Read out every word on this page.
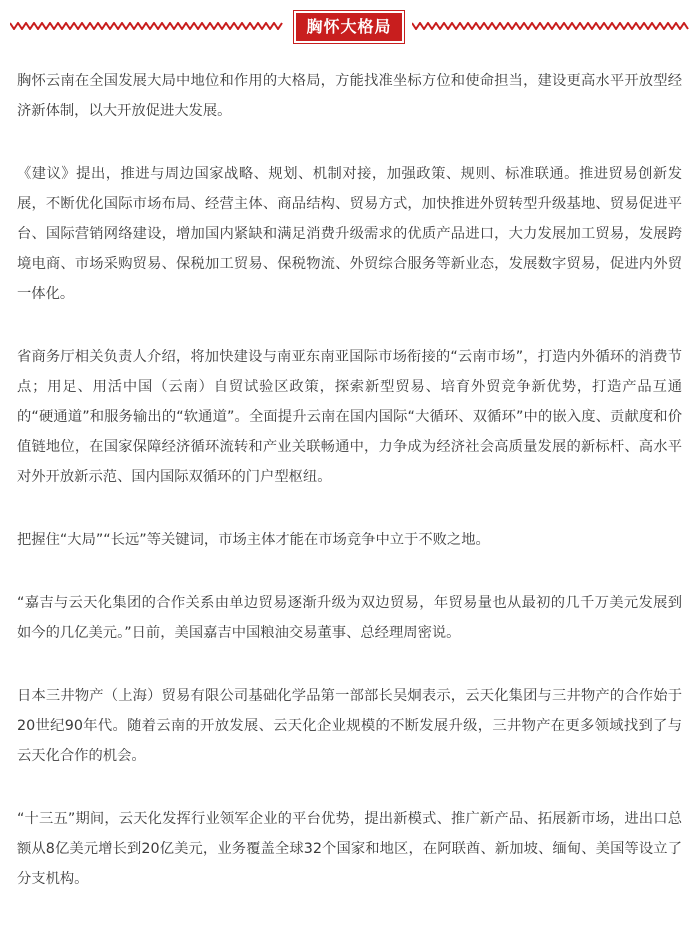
胸怀大格局

胸怀云南在全国发展大局中地位和作用的大格局，方能找准坐标方位和使命担当，建设更高水平开放型经济新体制，以大开放促进大发展。

《建议》提出，推进与周边国家战略、规划、机制对接，加强政策、规则、标准联通。推进贸易创新发展，不断优化国际市场布局、经营主体、商品结构、贸易方式，加快推进外贸转型升级基地、贸易促进平台、国际营销网络建设，增加国内紧缺和满足消费升级需求的优质产品进口，大力发展加工贸易，发展跨境电商、市场采购贸易、保税加工贸易、保税物流、外贸综合服务等新业态，发展数字贸易，促进内外贸一体化。

省商务厅相关负责人介绍，将加快建设与南亚东南亚国际市场衔接的“云南市场”，打造内外循环的消费节点；用足、用活中国（云南）自贸试验区政策，探索新型贸易、培育外贸竞争新优势，打造产品互通的“硬通道”和服务输出的“软通道”。全面提升云南在国内国际“大循环、双循环”中的嵌入度、贡献度和价值链地位，在国家保障经济循环流转和产业关联畅通中，力争成为经济社会高质量发展的新标杆、高水平对外开放新示范、国内国际双循环的门户型枢纽。

把握住“大局”“长远”等关键词，市场主体才能在市场竞争中立于不败之地。

“嘉吉与云天化集团的合作关系由单边贸易逐渐升级为双边贸易，年贸易量也从最初的几千万美元发展到如今的几亿美元。”日前，美国嘉吉中国粮油交易董事、总经理周密说。

日本三井物产（上海）贸易有限公司基础化学品第一部部长吴炯表示，云天化集团与三井物产的合作始于20世纪90年代。随着云南的开放发展、云天化企业规模的不断发展升级，三井物产在更多领域找到了与云天化合作的机会。

“十三五”期间，云天化发挥行业领军企业的平台优势，提出新模式、推广新产品、拓展新市场，进出口总额从8亿美元增长到20亿美元，业务覆盖全球32个国家和地区，在阿联酋、新加坡、缅甸、美国等设立了分支机构。
